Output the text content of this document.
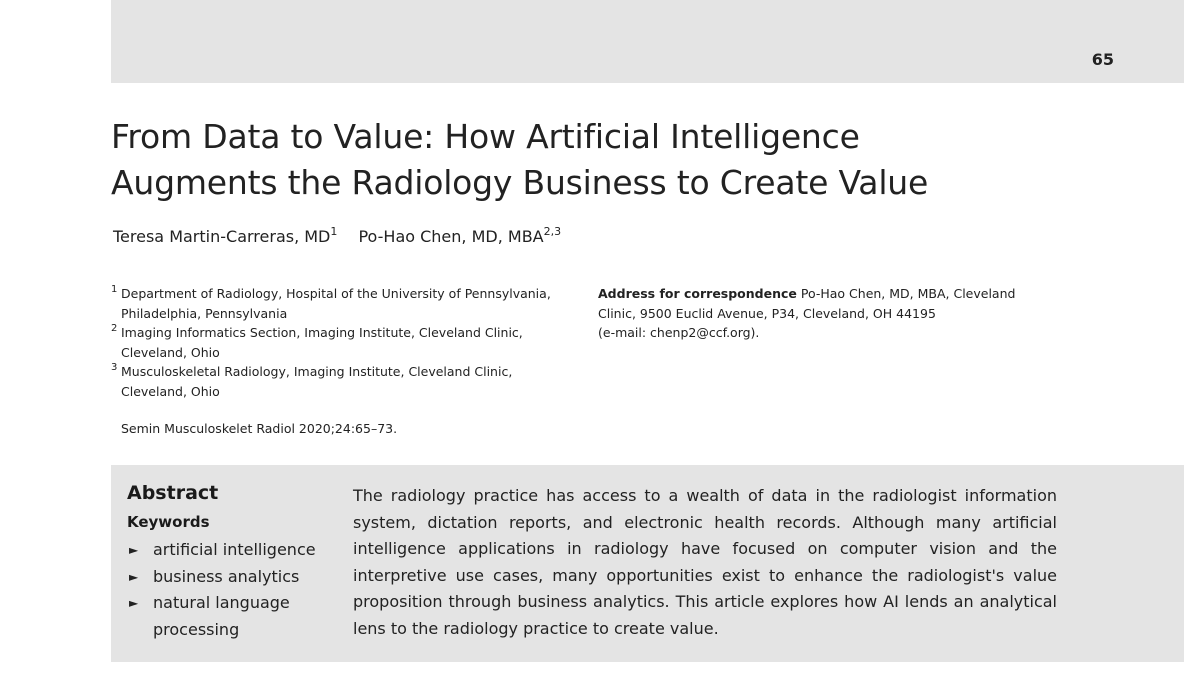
65
From Data to Value: How Artificial Intelligence
Augments the Radiology Business to Create Value
Teresa Martin-Carreras, $MD^1$ Po-Hao Chen, MD, MBA$^{2,3}$
1 Department of Radiology, Hospital of the University of Pennsylvania,
Philadelphia, Pennsylvania
2 Imaging Informatics Section, Imaging Institute, Cleveland Clinic,
Cleveland, Ohio
3 Musculoskeletal Radiology, Imaging Institute, Cleveland Clinic,
Cleveland, Ohio
Semin Musculoskelet Radiol 2020;24:65–73.
Address for correspondence Po-Hao Chen, MD, MBA, Cleveland
Clinic, 9500 Euclid Avenue, P34, Cleveland, OH 44195
(e-mail: chenp2@ccf.org).
Abstract
Keywords
► artificial intelligence
► business analytics
► natural language processing

The radiology practice has access to a wealth of data in the radiologist information system, dictation reports, and electronic health records. Although many artificial intelligence applications in radiology have focused on computer vision and the interpretive use cases, many opportunities exist to enhance the radiologist's value proposition through business analytics. This article explores how AI lends an analytical lens to the radiology practice to create value.
